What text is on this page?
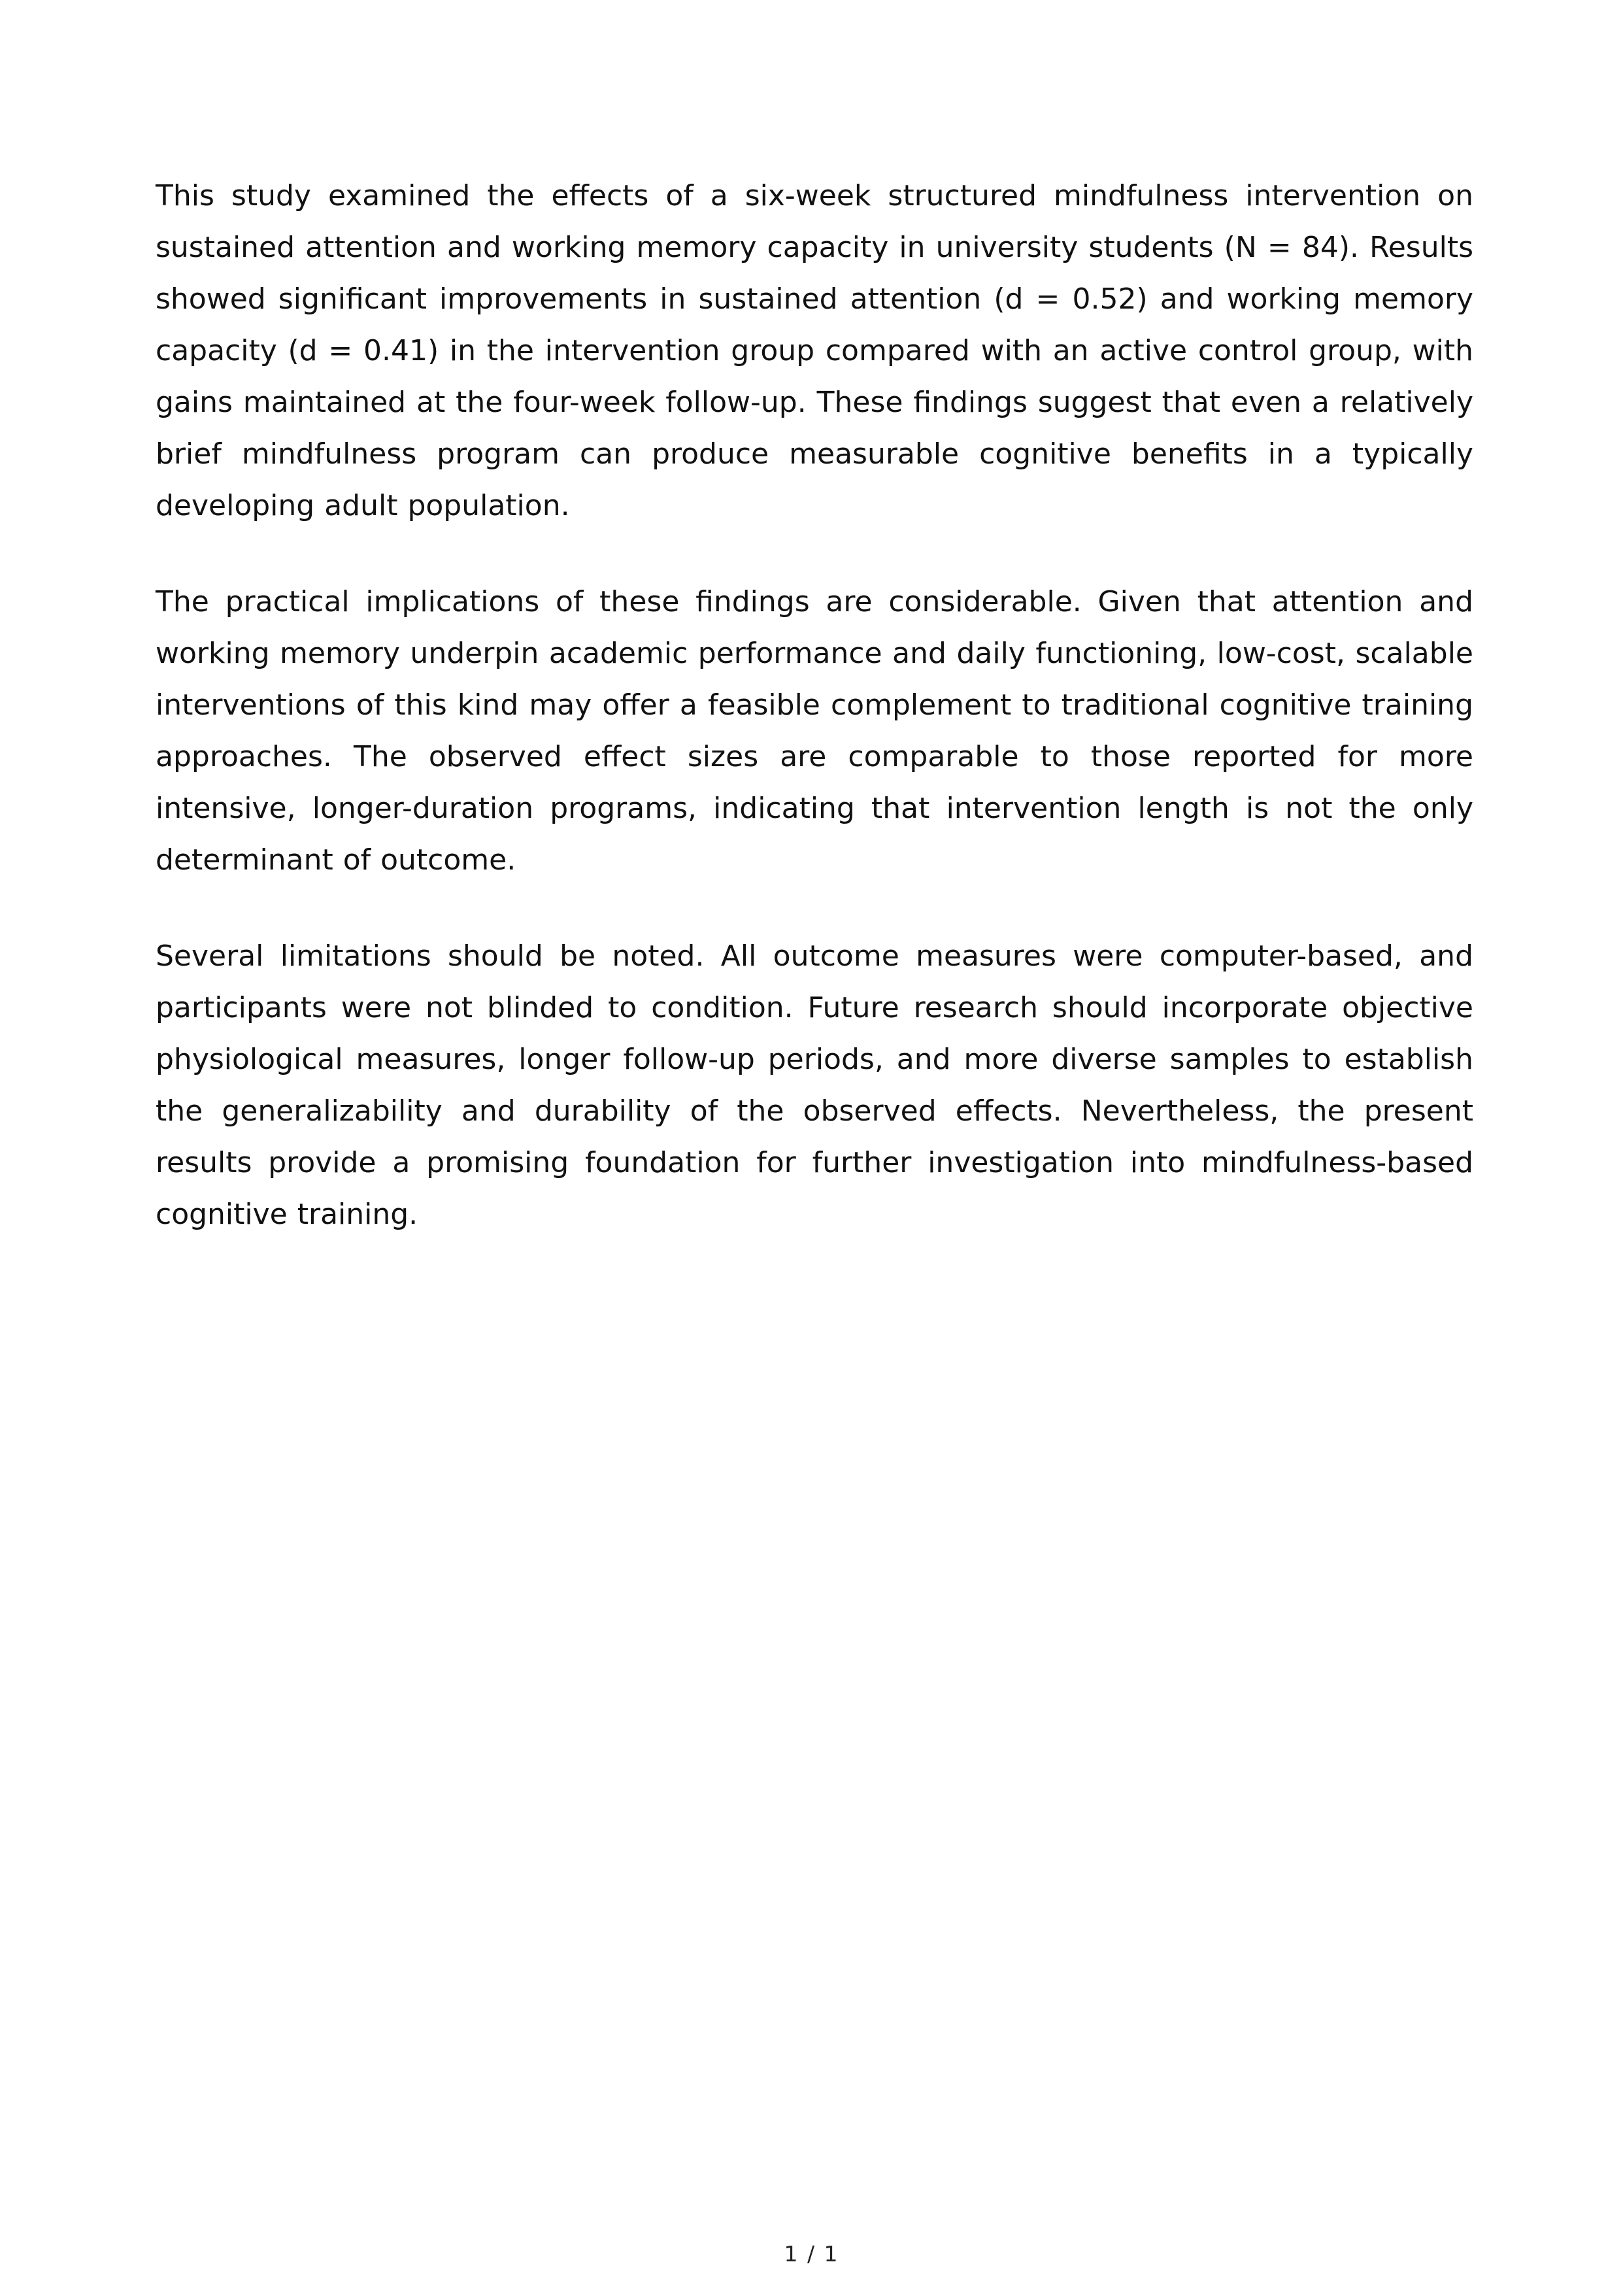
This study examined the effects of a six-week structured mindfulness intervention on sustained attention and working memory capacity in university students (N = 84). Results showed significant improvements in sustained attention (d = 0.52) and working memory capacity (d = 0.41) in the intervention group compared with an active control group, with gains maintained at the four-week follow-up. These findings suggest that even a relatively brief mindfulness program can produce measurable cognitive benefits in a typically developing adult population.

The practical implications of these findings are considerable. Given that attention and working memory underpin academic performance and daily functioning, low-cost, scalable interventions of this kind may offer a feasible complement to traditional cognitive training approaches. The observed effect sizes are comparable to those reported for more intensive, longer-duration programs, indicating that intervention length is not the only determinant of outcome.

Several limitations should be noted. All outcome measures were computer-based, and participants were not blinded to condition. Future research should incorporate objective physiological measures, longer follow-up periods, and more diverse samples to establish the generalizability and durability of the observed effects. Nevertheless, the present results provide a promising foundation for further investigation into mindfulness-based cognitive training.

1 / 1
